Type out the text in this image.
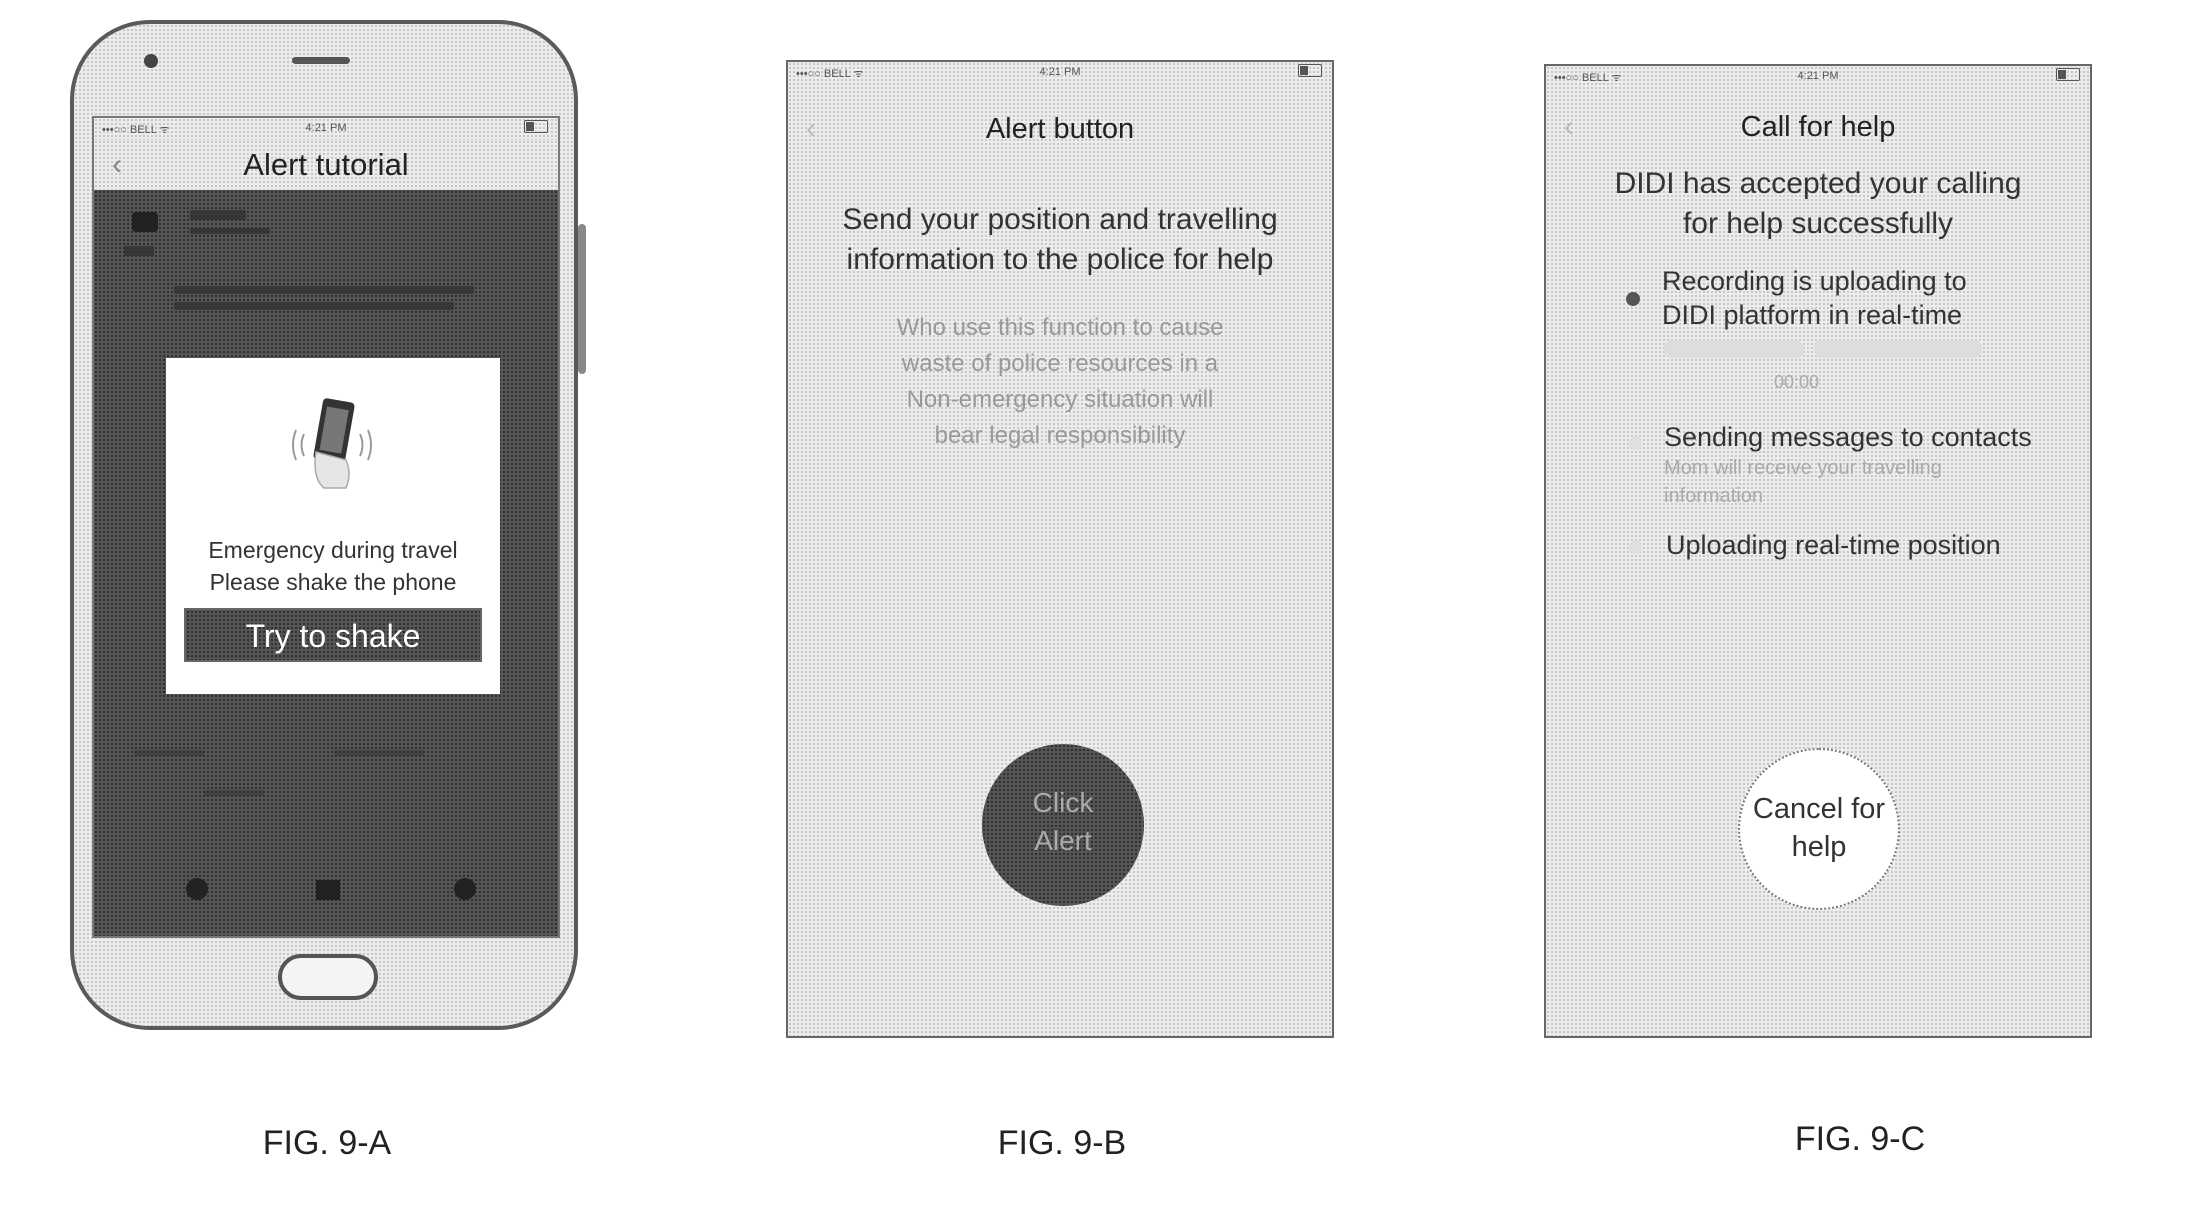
•••○○ BELL ᯤ	4:21 PM
‹	Alert tutorial
Emergency during travel
Please shake the phone
Try to shake
FIG. 9-A
•••○○ BELL ᯤ	4:21 PM
‹	Alert button
Send your position and travelling
information to the police for help
Who use this function to cause
waste of police resources in a
Non-emergency situation will
bear legal responsibility
Click
Alert
FIG. 9-B
•••○○ BELL ᯤ	4:21 PM
‹	Call for help
DIDI has accepted your calling
for help successfully
Recording is uploading to
DIDI platform in real-time
00:00
Sending messages to contacts
Mom will receive your travelling
information
Uploading real-time position
Cancel for
help
FIG. 9-C
